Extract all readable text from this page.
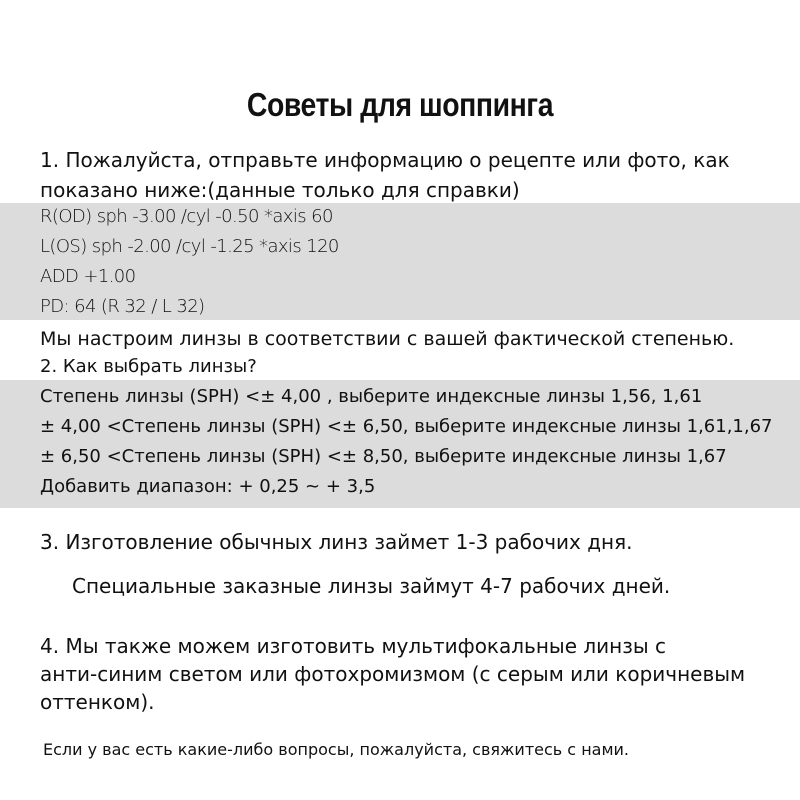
Советы для шоппинга
1. Пожалуйста, отправьте информацию о рецепте или фото, как
показано ниже:(данные только для справки)
R(OD) sph -3.00 /cyl -0.50 *axis 60
L(OS) sph -2.00 /cyl -1.25 *axis 120
ADD +1.00
PD: 64 (R 32 / L 32)
Мы настроим линзы в соответствии с вашей фактической степенью.
2. Как выбрать линзы?
Степень линзы (SPH) <± 4,00 , выберите индексные линзы 1,56, 1,61
± 4,00 <Степень линзы (SPH) <± 6,50, выберите индексные линзы 1,61,1,67
± 6,50 <Степень линзы (SPH) <± 8,50, выберите индексные линзы 1,67
Добавить диапазон: + 0,25 ~ + 3,5
3. Изготовление обычных линз займет 1-3 рабочих дня.
Специальные заказные линзы займут 4-7 рабочих дней.
4. Мы также можем изготовить мультифокальные линзы с
анти-синим светом или фотохромизмом (с серым или коричневым
оттенком).
Если у вас есть какие-либо вопросы, пожалуйста, свяжитесь с нами.
